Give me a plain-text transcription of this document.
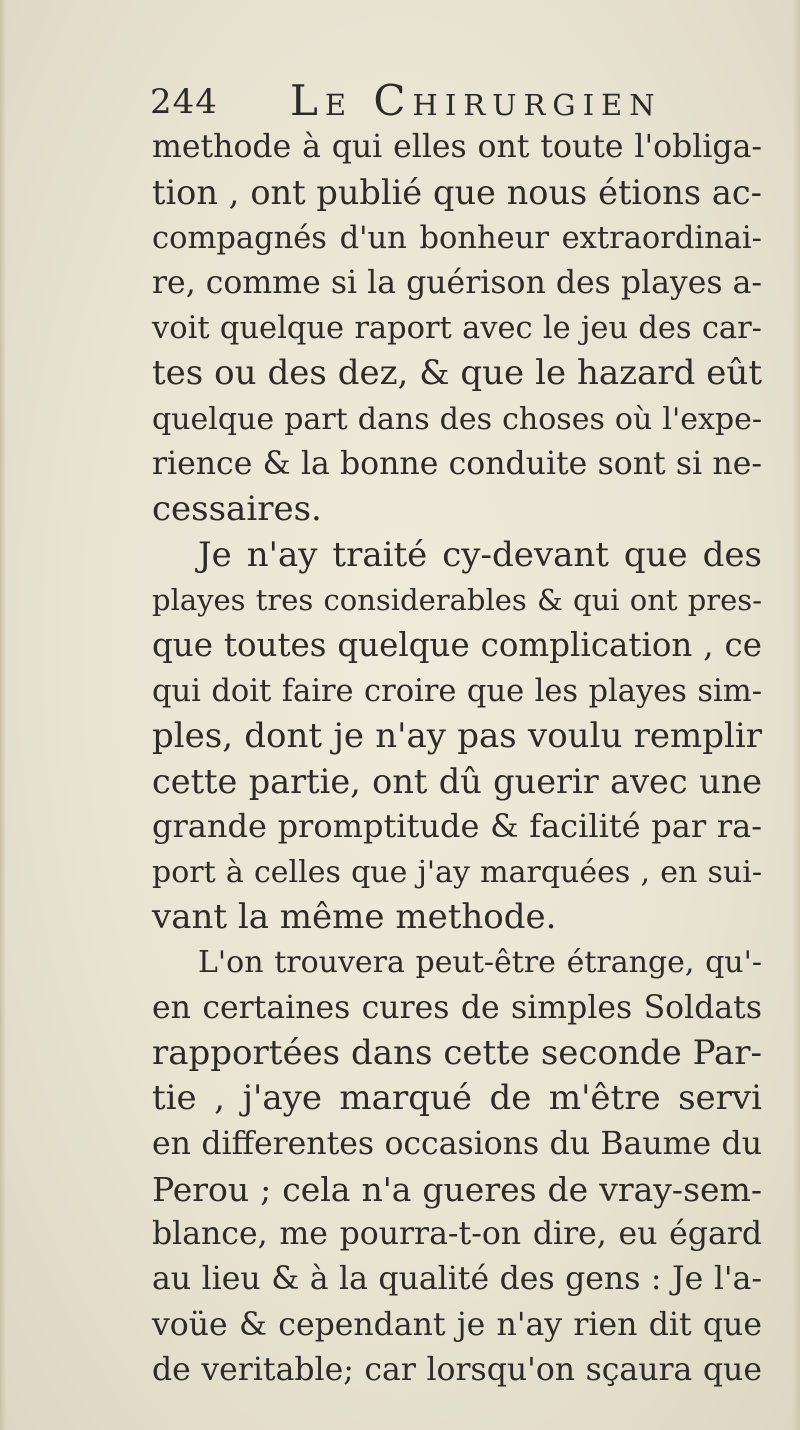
244 Le Chirurgien
methode à qui elles ont toute l'obliga-
tion , ont publié que nous étions ac-
compagnés d'un bonheur extraordinai-
re, comme si la guérison des playes a-
voit quelque raport avec le jeu des car-
tes ou des dez, & que le hazard eût
quelque part dans des choses où l'expe-
rience & la bonne conduite sont si ne-
cessaires.
Je n'ay traité cy-devant que des
playes tres considerables & qui ont pres-
que toutes quelque complication , ce
qui doit faire croire que les playes sim-
ples, dont je n'ay pas voulu remplir
cette partie, ont dû guerir avec une
grande promptitude & facilité par ra-
port à celles que j'ay marquées , en sui-
vant la même methode.
L'on trouvera peut-être étrange, qu'-
en certaines cures de simples Soldats
rapportées dans cette seconde Par-
tie , j'aye marqué de m'être servi
en differentes occasions du Baume du
Perou ; cela n'a gueres de vray-sem-
blance, me pourra-t-on dire, eu égard
au lieu & à la qualité des gens : Je l'a-
voüe & cependant je n'ay rien dit que
de veritable; car lorsqu'on sçaura que
